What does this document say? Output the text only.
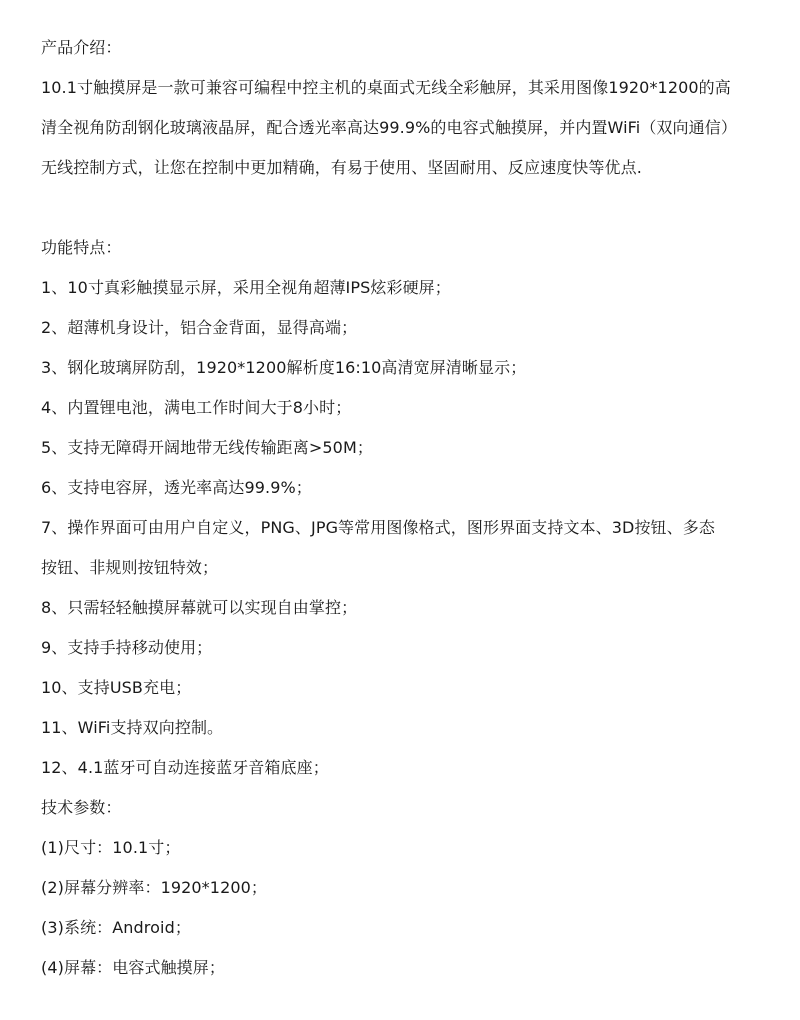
产品介绍：
10.1寸触摸屏是一款可兼容可编程中控主机的桌面式无线全彩触屏，其采用图像1920*1200的高
清全视角防刮钢化玻璃液晶屏，配合透光率高达99.9%的电容式触摸屏，并内置WiFi（双向通信）
无线控制方式，让您在控制中更加精确，有易于使用、坚固耐用、反应速度快等优点.
功能特点：
1、10寸真彩触摸显示屏，采用全视角超薄IPS炫彩硬屏；
2、超薄机身设计，铝合金背面，显得高端；
3、钢化玻璃屏防刮，1920*1200解析度16:10高清宽屏清晰显示；
4、内置锂电池，满电工作时间大于8小时；
5、支持无障碍开阔地带无线传输距离>50M；
6、支持电容屏，透光率高达99.9%；
7、操作界面可由用户自定义，PNG、JPG等常用图像格式，图形界面支持文本、3D按钮、多态
按钮、非规则按钮特效；
8、只需轻轻触摸屏幕就可以实现自由掌控；
9、支持手持移动使用；
10、支持USB充电；
11、WiFi支持双向控制。
12、4.1蓝牙可自动连接蓝牙音箱底座；
技术参数：
(1)尺寸：10.1寸；
(2)屏幕分辨率：1920*1200；
(3)系统：Android；
(4)屏幕：电容式触摸屏；
